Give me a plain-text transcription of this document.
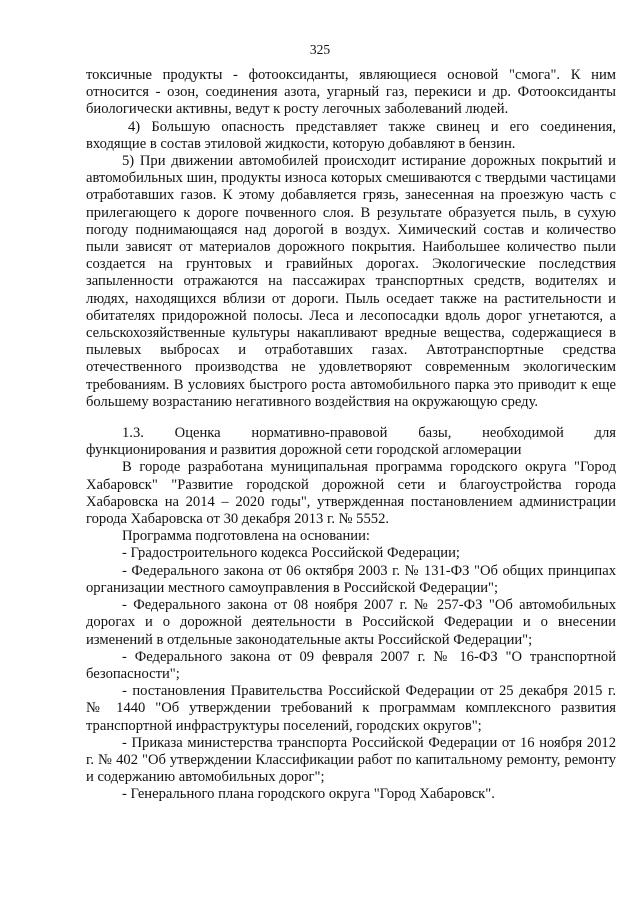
325

токсичные продукты - фотооксиданты, являющиеся основой "смога". К ним относится - озон, соединения азота, угарный газ, перекиси и др. Фотооксиданты биологически активны, ведут к росту легочных заболеваний людей.

4) Большую опасность представляет также свинец и его соединения, входящие в состав этиловой жидкости, которую добавляют в бензин.

5) При движении автомобилей происходит истирание дорожных покрытий и автомобильных шин, продукты износа которых смешиваются с твердыми частицами отработавших газов. К этому добавляется грязь, занесенная на проезжую часть с прилегающего к дороге почвенного слоя. В результате образуется пыль, в сухую погоду поднимающаяся над дорогой в воздух. Химический состав и количество пыли зависят от материалов дорожного покрытия. Наибольшее количество пыли создается на грунтовых и гравийных дорогах. Экологические последствия запыленности отражаются на пассажирах транспортных средств, водителях и людях, находящихся вблизи от дороги. Пыль оседает также на растительности и обитателях придорожной полосы. Леса и лесопосадки вдоль дорог угнетаются, а сельскохозяйственные культуры накапливают вредные вещества, содержащиеся в пылевых выбросах и отработавших газах. Автотранспортные средства отечественного производства не удовлетворяют современным экологическим требованиям. В условиях быстрого роста автомобильного парка это приводит к еще большему возрастанию негативного воздействия на окружающую среду.

1.3. Оценка нормативно-правовой базы, необходимой для

функционирования и развития дорожной сети городской агломерации

В городе разработана муниципальная программа городского округа "Город Хабаровск" "Развитие городской дорожной сети и благоустройства города Хабаровска на 2014 – 2020 годы", утвержденная постановлением администрации города Хабаровска от 30 декабря 2013 г. № 5552.

Программа подготовлена на основании:

- Градостроительного кодекса Российской Федерации;

- Федерального закона от 06 октября 2003 г. № 131-ФЗ "Об общих принципах организации местного самоуправления в Российской Федерации";

- Федерального закона от 08 ноября 2007 г. № 257-ФЗ "Об автомобильных дорогах и о дорожной деятельности в Российской Федерации и о внесении изменений в отдельные законодательные акты Российской Федерации";

- Федерального закона от 09 февраля 2007 г. № 16-ФЗ "О транспортной безопасности";

- постановления Правительства Российской Федерации от 25 декабря 2015 г. № 1440 "Об утверждении требований к программам комплексного развития транспортной инфраструктуры поселений, городских округов";

- Приказа министерства транспорта Российской Федерации от 16 ноября 2012 г. № 402 "Об утверждении Классификации работ по капитальному ремонту, ремонту и содержанию автомобильных дорог";

- Генерального плана городского округа "Город Хабаровск".
